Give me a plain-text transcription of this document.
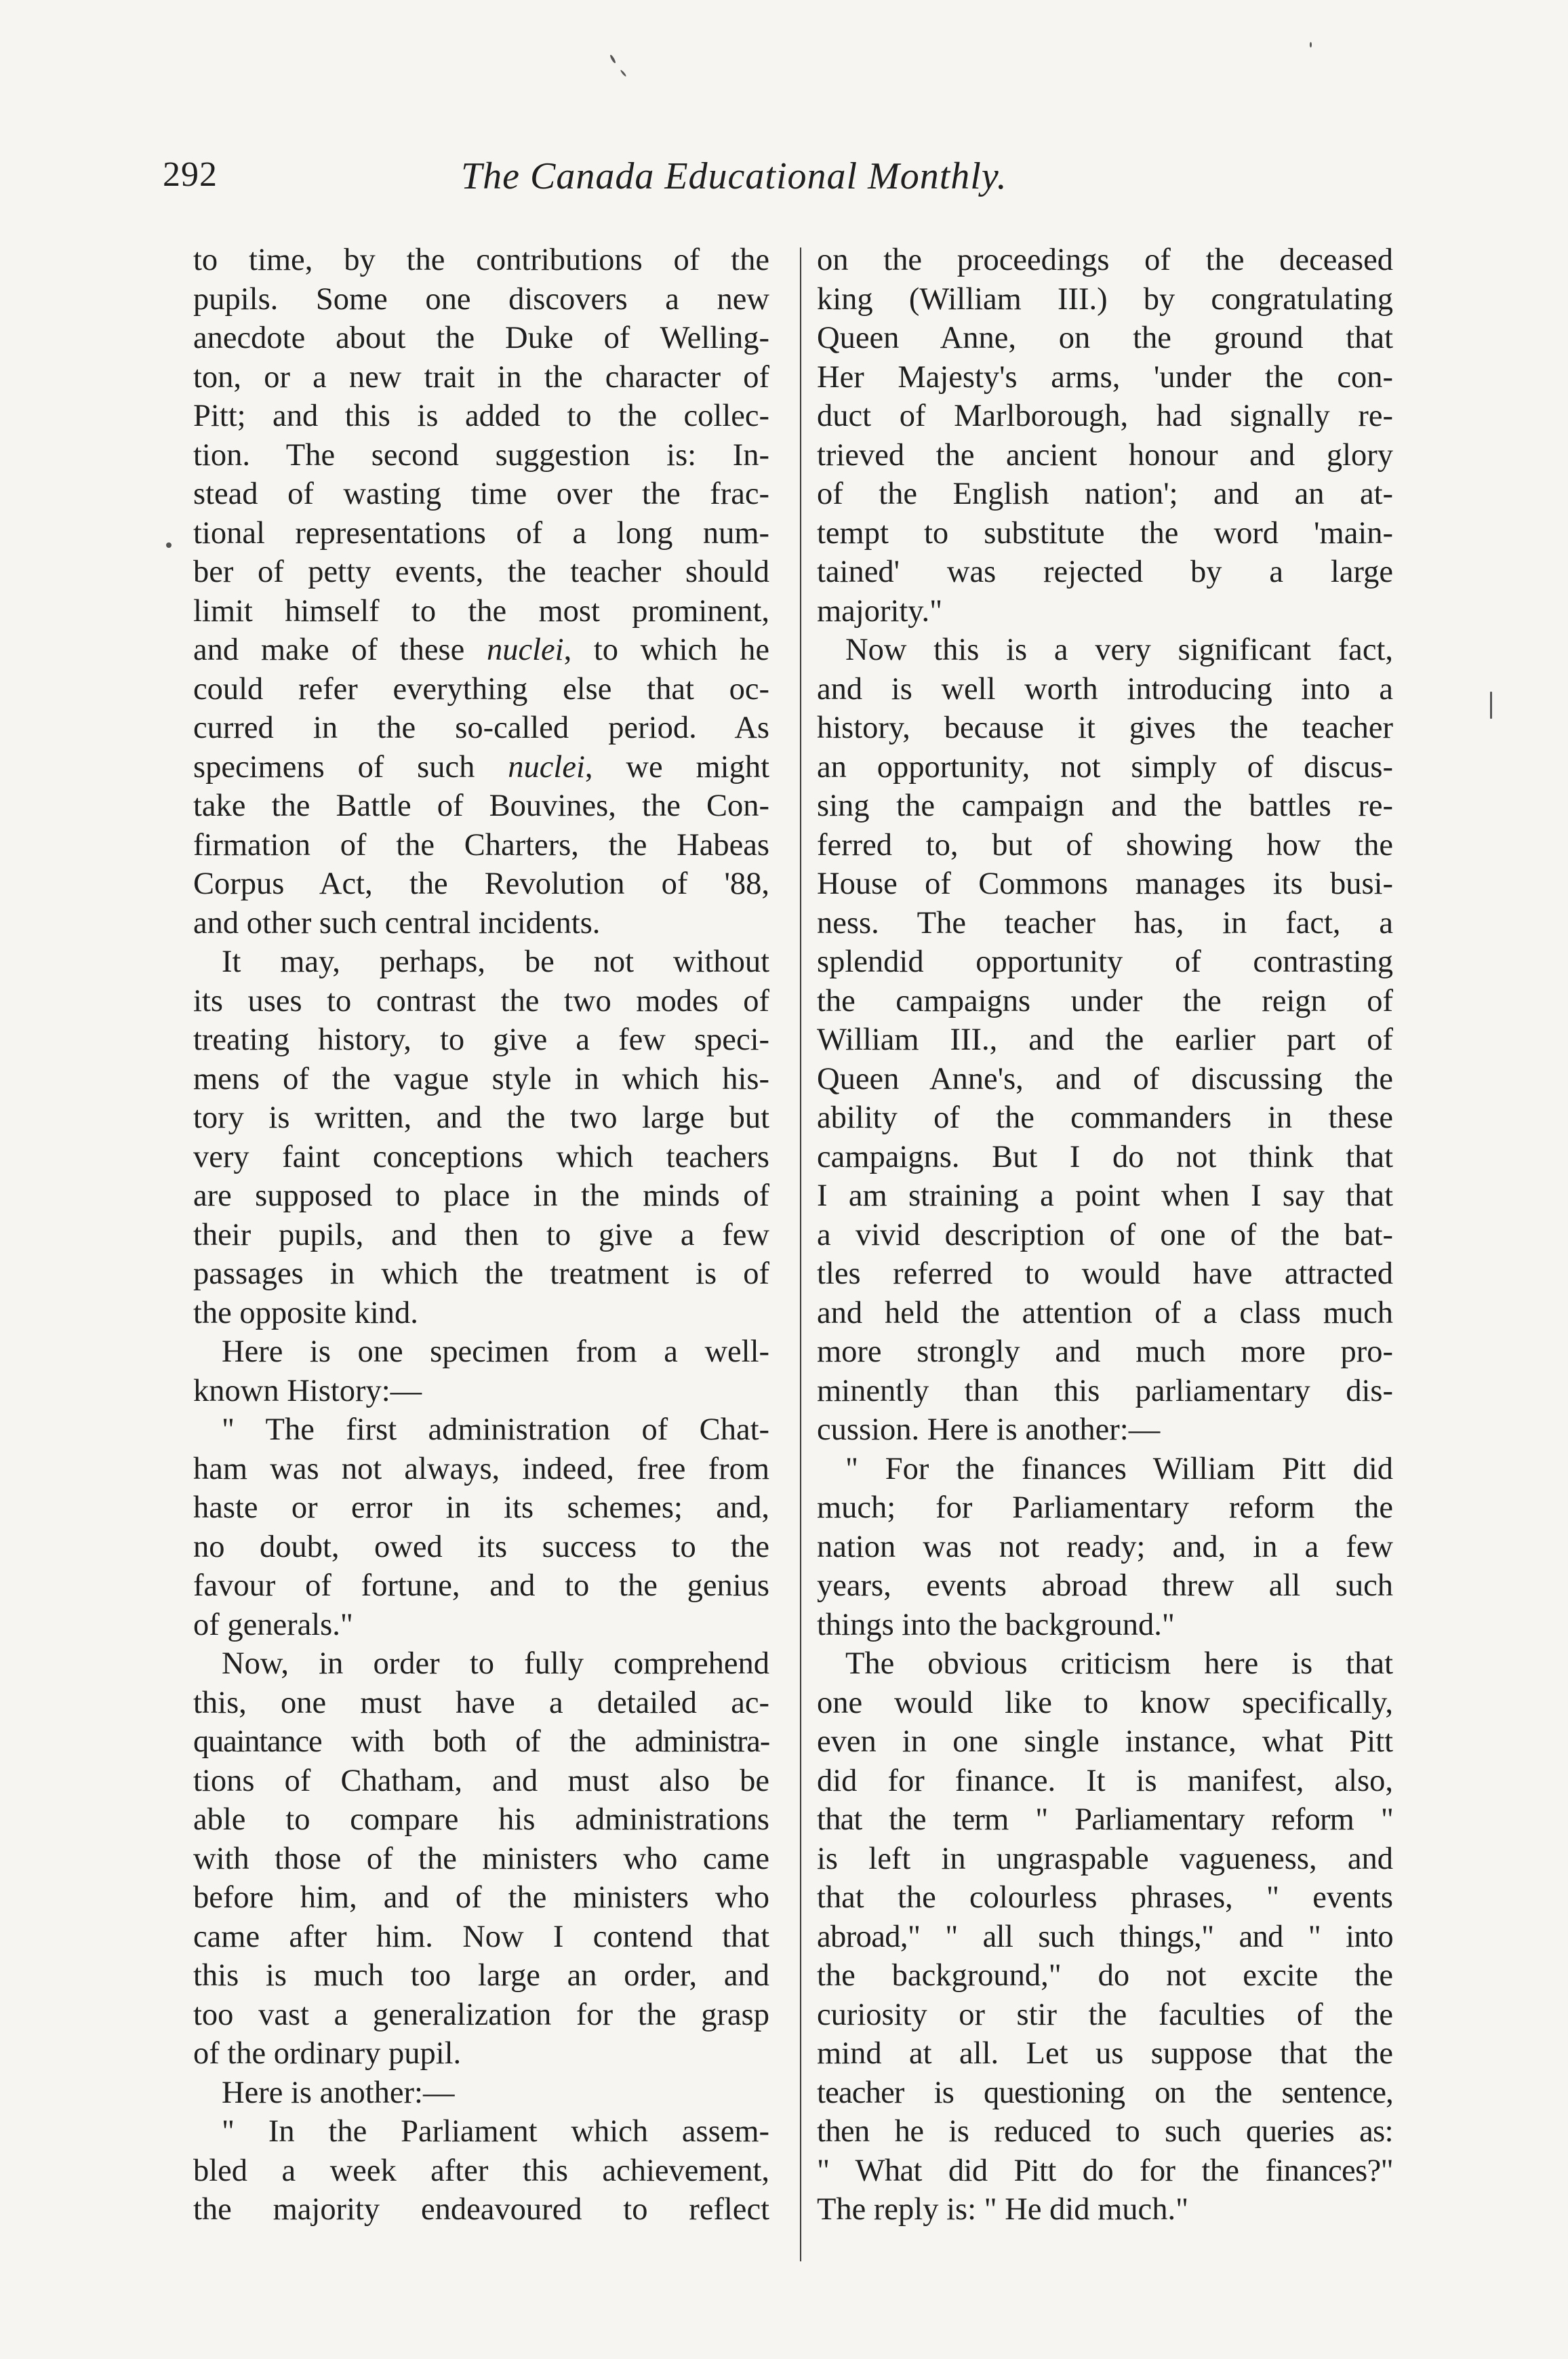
292	The Canada Educational Monthly.
to time, by the contributions of the
pupils. Some one discovers a new
anecdote about the Duke of Welling-
ton, or a new trait in the character of
Pitt; and this is added to the collec-
tion. The second suggestion is: In-
stead of wasting time over the frac-
tional representations of a long num-
ber of petty events, the teacher should
limit himself to the most prominent,
and make of these nuclei, to which he
could refer everything else that oc-
curred in the so-called period. As
specimens of such nuclei, we might
take the Battle of Bouvines, the Con-
firmation of the Charters, the Habeas
Corpus Act, the Revolution of '88,
and other such central incidents.
It may, perhaps, be not without
its uses to contrast the two modes of
treating history, to give a few speci-
mens of the vague style in which his-
tory is written, and the two large but
very faint conceptions which teachers
are supposed to place in the minds of
their pupils, and then to give a few
passages in which the treatment is of
the opposite kind.
Here is one specimen from a well-
known History:—
" The first administration of Chat-
ham was not always, indeed, free from
haste or error in its schemes; and,
no doubt, owed its success to the
favour of fortune, and to the genius
of generals."
Now, in order to fully comprehend
this, one must have a detailed ac-
quaintance with both of the administra-
tions of Chatham, and must also be
able to compare his administrations
with those of the ministers who came
before him, and of the ministers who
came after him. Now I contend that
this is much too large an order, and
too vast a generalization for the grasp
of the ordinary pupil.
Here is another:—
" In the Parliament which assem-
bled a week after this achievement,
the majority endeavoured to reflect
on the proceedings of the deceased
king (William III.) by congratulating
Queen Anne, on the ground that
Her Majesty's arms, 'under the con-
duct of Marlborough, had signally re-
trieved the ancient honour and glory
of the English nation'; and an at-
tempt to substitute the word 'main-
tained' was rejected by a large
majority."
Now this is a very significant fact,
and is well worth introducing into a
history, because it gives the teacher
an opportunity, not simply of discus-
sing the campaign and the battles re-
ferred to, but of showing how the
House of Commons manages its busi-
ness. The teacher has, in fact, a
splendid opportunity of contrasting
the campaigns under the reign of
William III., and the earlier part of
Queen Anne's, and of discussing the
ability of the commanders in these
campaigns. But I do not think that
I am straining a point when I say that
a vivid description of one of the bat-
tles referred to would have attracted
and held the attention of a class much
more strongly and much more pro-
minently than this parliamentary dis-
cussion. Here is another:—
" For the finances William Pitt did
much; for Parliamentary reform the
nation was not ready; and, in a few
years, events abroad threw all such
things into the background."
The obvious criticism here is that
one would like to know specifically,
even in one single instance, what Pitt
did for finance. It is manifest, also,
that the term " Parliamentary reform "
is left in ungraspable vagueness, and
that the colourless phrases, " events
abroad," " all such things," and " into
the background," do not excite the
curiosity or stir the faculties of the
mind at all. Let us suppose that the
teacher is questioning on the sentence,
then he is reduced to such queries as:
" What did Pitt do for the finances?"
The reply is: " He did much."
